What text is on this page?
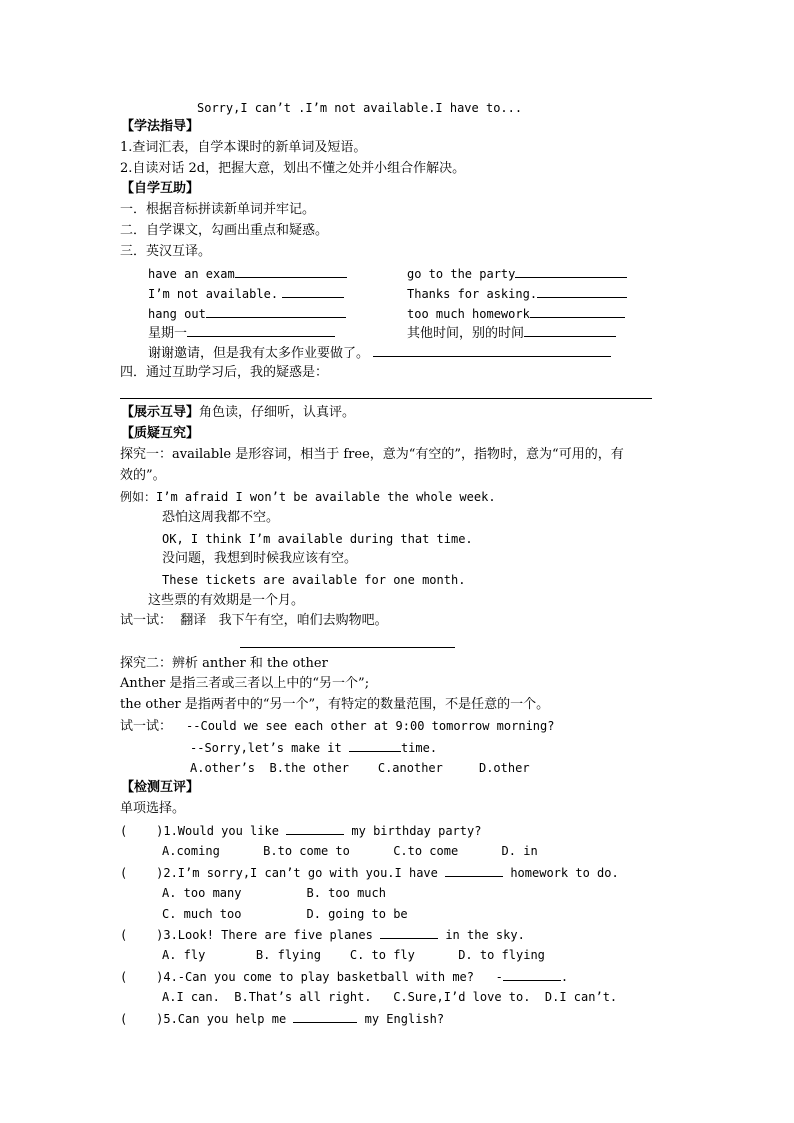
Sorry,I can’t .I’m not available.I have to...
【学法指导】
1.查词汇表，自学本课时的新单词及短语。
2.自读对话 2d，把握大意，划出不懂之处并小组合作解决。
【自学互助】
一．根据音标拼读新单词并牢记。
二．自学课文，勾画出重点和疑惑。
三．英汉互译。
have an exam	go to the party
I’m not available.	Thanks for asking.
hang out	too much homework
星期一	其他时间，别的时间
谢谢邀请，但是我有太多作业要做了。
四．通过互助学习后，我的疑惑是：
【展示互导】角色读，仔细听，认真评。
【质疑互究】
探究一：available 是形容词，相当于 free，意为“有空的”，指物时，意为“可用的，有
效的”。
例如：I’m afraid I won’t be available the whole week.
恐怕这周我都不空。
OK, I think I’m available during that time.
没问题，我想到时候我应该有空。
These tickets are available for one month.
这些票的有效期是一个月。
试一试：  翻译   我下午有空，咱们去购物吧。
探究二：辨析 anther 和 the other
Anther 是指三者或三者以上中的“另一个”;
the other 是指两者中的“另一个”，有特定的数量范围，不是任意的一个。
试一试： --Could we see each other at 9:00 tomorrow morning?
--Sorry,let’s make it	time.
A.other’s  B.the other    C.another     D.other
【检测互评】
单项选择。
(    )1.Would you like	my birthday party?
A.coming      B.to come to      C.to come      D. in
(    )2.I’m sorry,I can’t go with you.I have	homework to do.
A. too many         B. too much
C. much too         D. going to be
(    )3.Look! There are five planes	in the sky.
A. fly       B. flying    C. to fly      D. to flying
(    )4.-Can you come to play basketball with me?   -	.
A.I can.  B.That’s all right.   C.Sure,I’d love to.  D.I can’t.
(    )5.Can you help me	my English?
